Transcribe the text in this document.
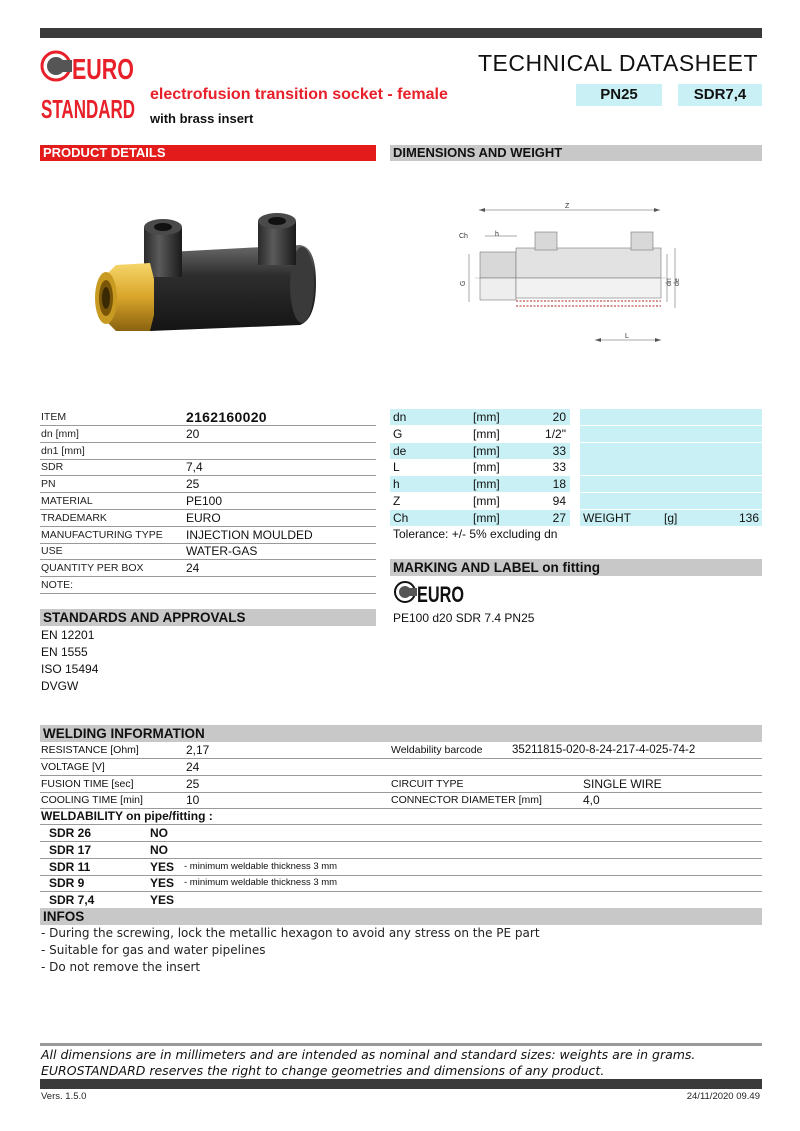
EURO
STANDARD
TECHNICAL DATASHEET
electrofusion transition socket - female
with brass insert
PN25	SDR7,4
PRODUCT DETAILS	DIMENSIONS AND WEIGHT
Z
Ch	h
G	dn de
L
ITEM	2162160020
dn [mm]	20
dn1 [mm]
SDR	7,4
PN	25
MATERIAL	PE100
TRADEMARK	EURO
MANUFACTURING TYPE INJECTION MOULDED
USE	WATER-GAS
QUANTITY PER BOX	24
NOTE:
dn	[mm]	20
G	[mm]	1/2"
de	[mm]	33
L	[mm]	33
h	[mm]	18
Z	[mm]	94
Ch	[mm]	27 WEIGHT	[g]	136
Tolerance: +/- 5% excluding dn
MARKING AND LABEL on fitting
EURO
PE100 d20 SDR 7.4 PN25
STANDARDS AND APPROVALS
EN 12201
EN 1555
ISO 15494
DVGW
WELDING INFORMATION
RESISTANCE [Ohm]	2,17	Weldability barcode	35211815-020-8-24-217-4-025-74-2
VOLTAGE [V]	24
FUSION TIME [sec]	25	CIRCUIT TYPE	SINGLE WIRE
COOLING TIME [min]	10	CONNECTOR DIAMETER [mm]	4,0
WELDABILITY on pipe/fitting :
SDR 26	NO
SDR 17	NO
SDR 11	YES - minimum weldable thickness 3 mm
SDR 9	YES - minimum weldable thickness 3 mm
SDR 7,4	YES
INFOS
- During the screwing, lock the metallic hexagon to avoid any stress on the PE part
- Suitable for gas and water pipelines
- Do not remove the insert
All dimensions are in millimeters and are intended as nominal and standard sizes: weights are in grams.
EUROSTANDARD reserves the right to change geometries and dimensions of any product.
Vers. 1.5.0	24/11/2020 09.49
